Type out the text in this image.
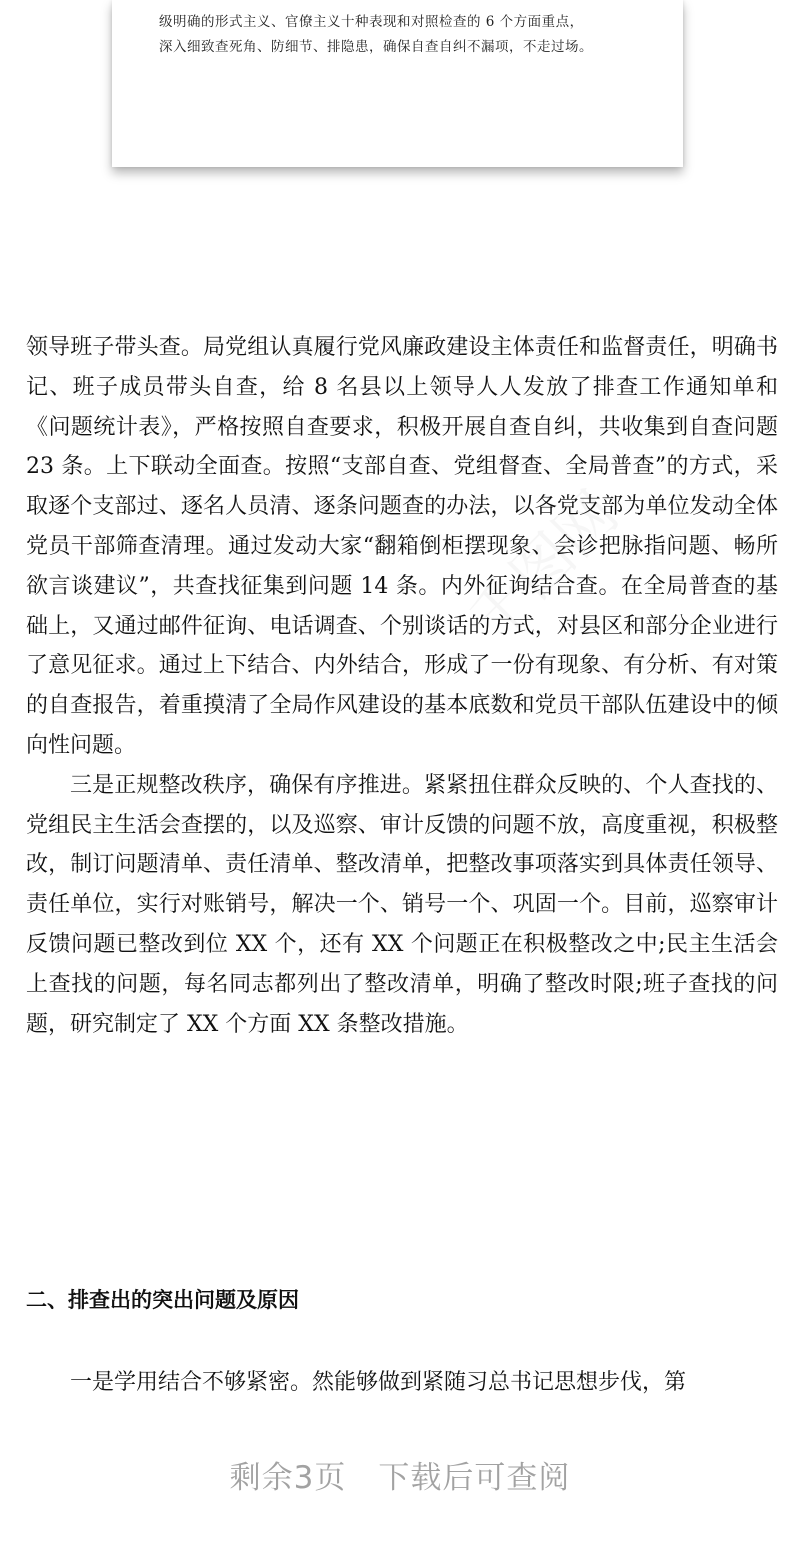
级明确的形式主义、官僚主义十种表现和对照检查的 6 个方面重点，

深入细致查死角、防细节、排隐患，确保自查自纠不漏项，不走过场。

领导班子带头查。局党组认真履行党风廉政建设主体责任和监督责任，明确书记、班子成员带头自查，给 8 名县以上领导人人发放了排查工作通知单和《问题统计表》，严格按照自查要求，积极开展自查自纠，共收集到自查问题 23 条。上下联动全面查。按照“支部自查、党组督查、全局普查”的方式，采取逐个支部过、逐名人员清、逐条问题查的办法，以各党支部为单位发动全体党员干部筛查清理。通过发动大家“翻箱倒柜摆现象、会诊把脉指问题、畅所欲言谈建议”，共查找征集到问题 14 条。内外征询结合查。在全局普查的基础上，又通过邮件征询、电话调查、个别谈话的方式，对县区和部分企业进行了意见征求。通过上下结合、内外结合，形成了一份有现象、有分析、有对策的自查报告，着重摸清了全局作风建设的基本底数和党员干部队伍建设中的倾向性问题。

三是正规整改秩序，确保有序推进。紧紧扭住群众反映的、个人查找的、党组民主生活会查摆的，以及巡察、审计反馈的问题不放，高度重视，积极整改，制订问题清单、责任清单、整改清单，把整改事项落实到具体责任领导、责任单位，实行对账销号，解决一个、销号一个、巩固一个。目前，巡察审计反馈问题已整改到位 XX 个，还有 XX 个问题正在积极整改之中;民主生活会上查找的问题，每名同志都列出了整改清单，明确了整改时限;班子查找的问题，研究制定了 XX 个方面 XX 条整改措施。

二、排查出的突出问题及原因

一是学用结合不够紧密。然能够做到紧随习总书记思想步伐，第

剩余3页　下载后可查阅
